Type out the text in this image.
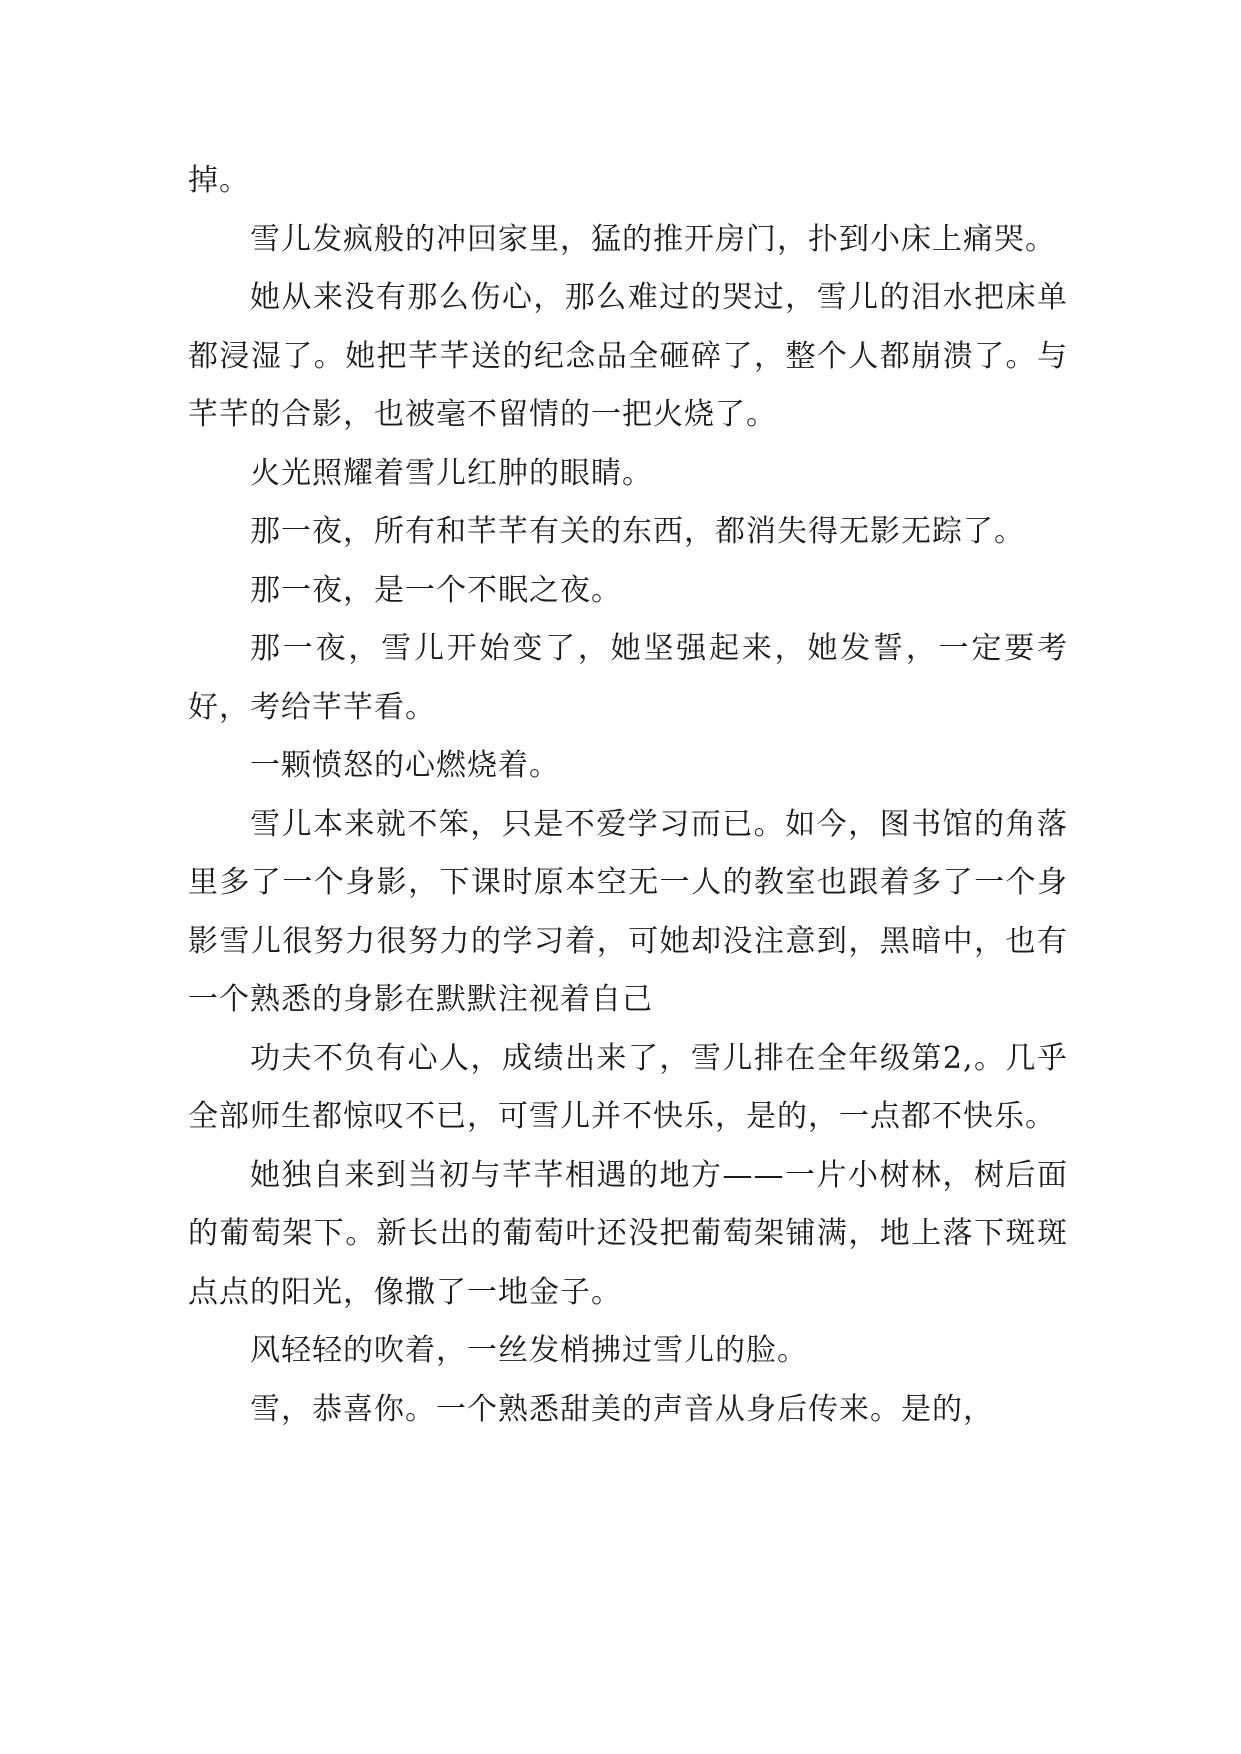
掉。

雪儿发疯般的冲回家里，猛的推开房门，扑到小床上痛哭。

她从来没有那么伤心，那么难过的哭过，雪儿的泪水把床单都浸湿了。她把芊芊送的纪念品全砸碎了，整个人都崩溃了。与芊芊的合影，也被毫不留情的一把火烧了。

火光照耀着雪儿红肿的眼睛。

那一夜，所有和芊芊有关的东西，都消失得无影无踪了。

那一夜，是一个不眠之夜。

那一夜，雪儿开始变了，她坚强起来，她发誓，一定要考好，考给芊芊看。

一颗愤怒的心燃烧着。

雪儿本来就不笨，只是不爱学习而已。如今，图书馆的角落里多了一个身影，下课时原本空无一人的教室也跟着多了一个身影雪儿很努力很努力的学习着，可她却没注意到，黑暗中，也有一个熟悉的身影在默默注视着自己

功夫不负有心人，成绩出来了，雪儿排在全年级第2,。几乎全部师生都惊叹不已，可雪儿并不快乐，是的，一点都不快乐。

她独自来到当初与芊芊相遇的地方——一片小树林，树后面的葡萄架下。新长出的葡萄叶还没把葡萄架铺满，地上落下斑斑点点的阳光，像撒了一地金子。

风轻轻的吹着，一丝发梢拂过雪儿的脸。

雪，恭喜你。一个熟悉甜美的声音从身后传来。是的，
